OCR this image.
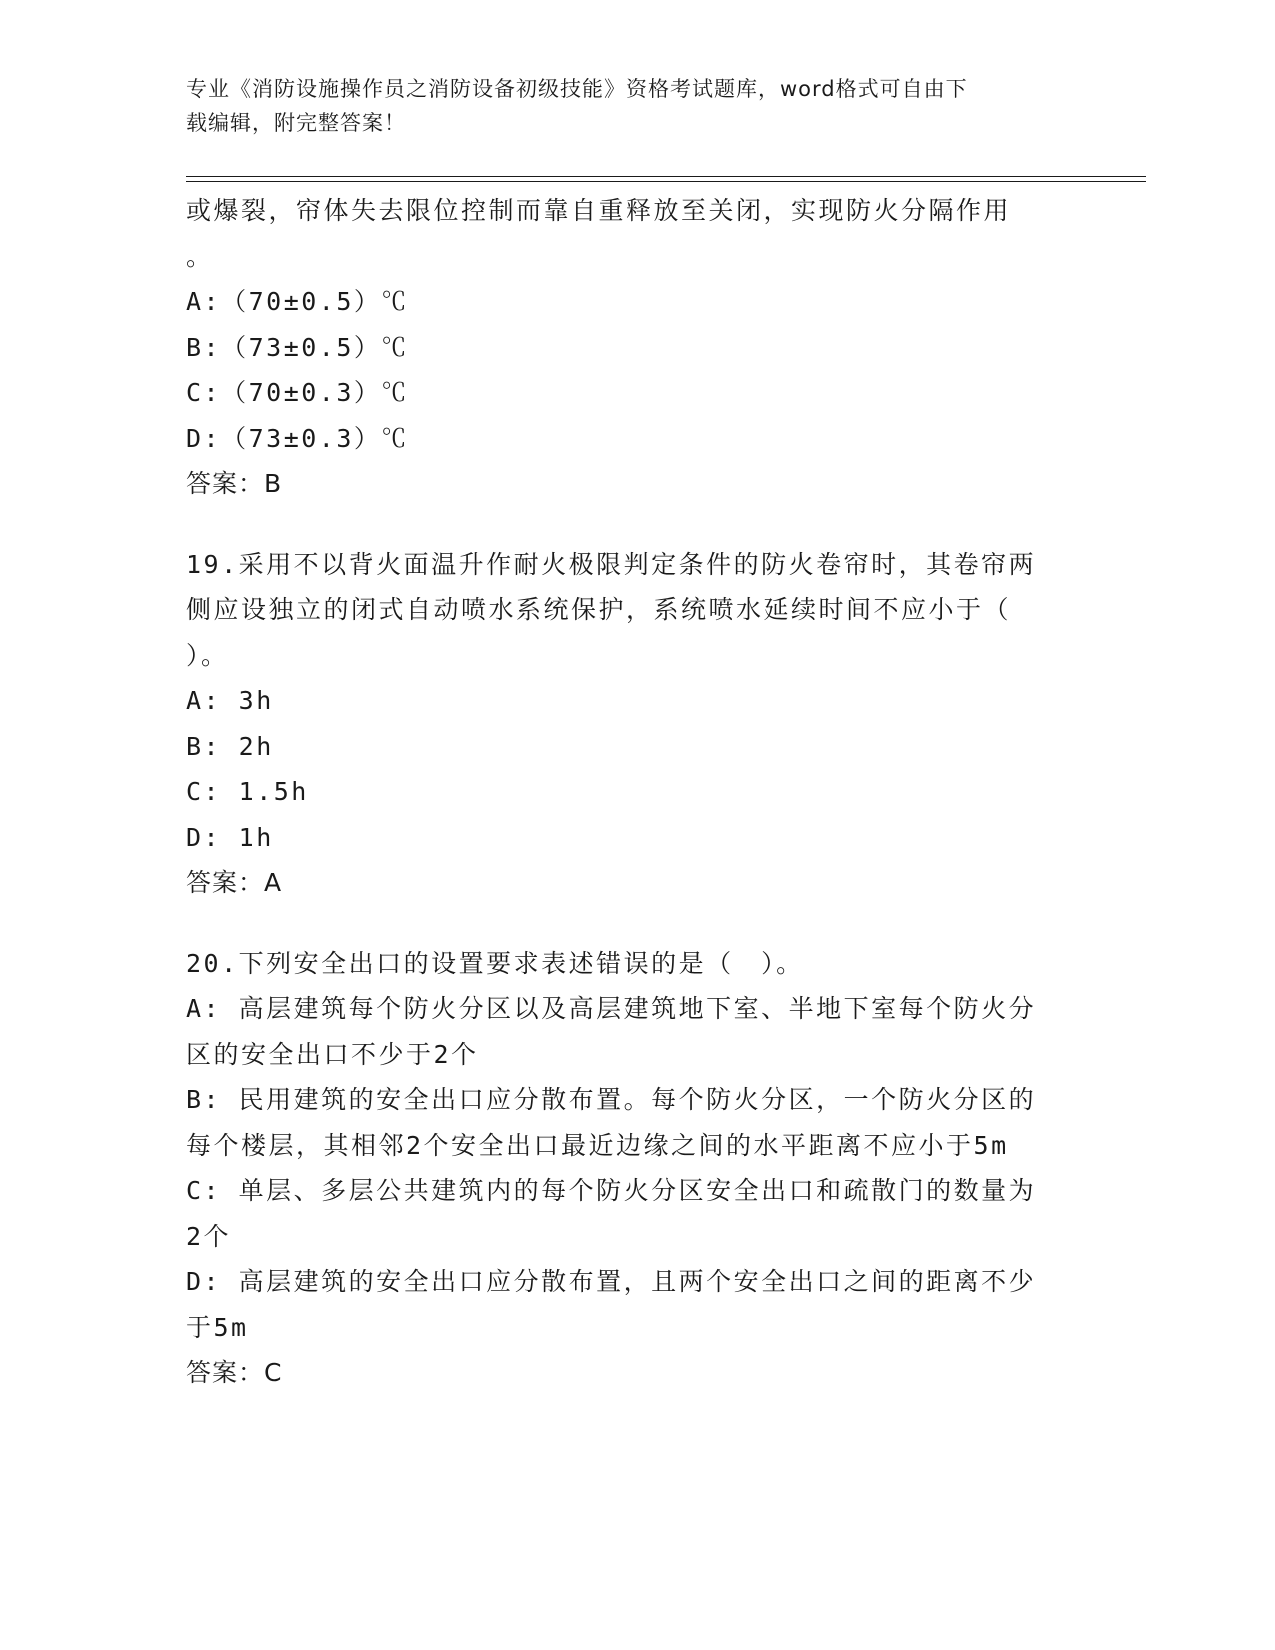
专业《消防设施操作员之消防设备初级技能》资格考试题库，word格式可自由下
载编辑，附完整答案！
或爆裂，帘体失去限位控制而靠自重释放至关闭，实现防火分隔作用
。
A:（70±0.5）℃
B:（73±0.5）℃
C:（70±0.3）℃
D:（73±0.3）℃
答案：B
19.采用不以背火面温升作耐火极限判定条件的防火卷帘时，其卷帘两
侧应设独立的闭式自动喷水系统保护，系统喷水延续时间不应小于（
）。
A: 3h
B: 2h
C: 1.5h
D: 1h
答案：A
20.下列安全出口的设置要求表述错误的是（　）。
A: 高层建筑每个防火分区以及高层建筑地下室、半地下室每个防火分
区的安全出口不少于2个
B: 民用建筑的安全出口应分散布置。每个防火分区，一个防火分区的
每个楼层，其相邻2个安全出口最近边缘之间的水平距离不应小于5m
C: 单层、多层公共建筑内的每个防火分区安全出口和疏散门的数量为
2个
D: 高层建筑的安全出口应分散布置，且两个安全出口之间的距离不少
于5m
答案：C
